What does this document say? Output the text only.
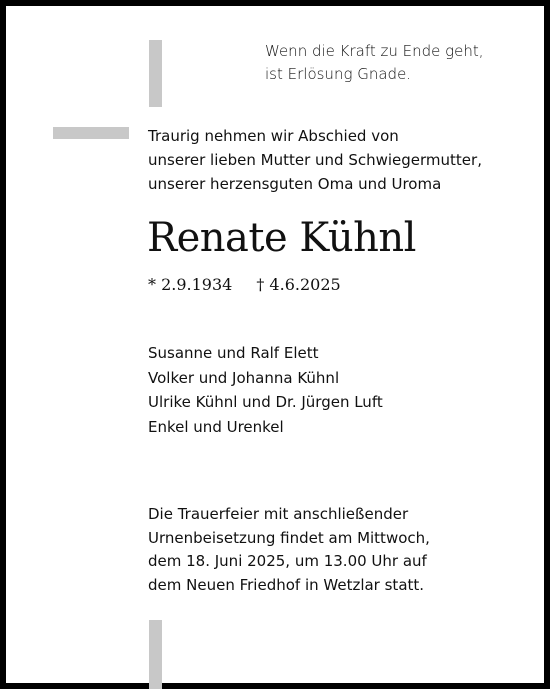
Wenn die Kraft zu Ende geht,
ist Erlösung Gnade.
Traurig nehmen wir Abschied von
unserer lieben Mutter und Schwiegermutter,
unserer herzensguten Oma und Uroma
Renate Kühnl
* 2.9.1934 † 4.6.2025
Susanne und Ralf Elett
Volker und Johanna Kühnl
Ulrike Kühnl und Dr. Jürgen Luft
Enkel und Urenkel
Die Trauerfeier mit anschließender
Urnenbeisetzung findet am Mittwoch,
dem 18. Juni 2025, um 13.00 Uhr auf
dem Neuen Friedhof in Wetzlar statt.
